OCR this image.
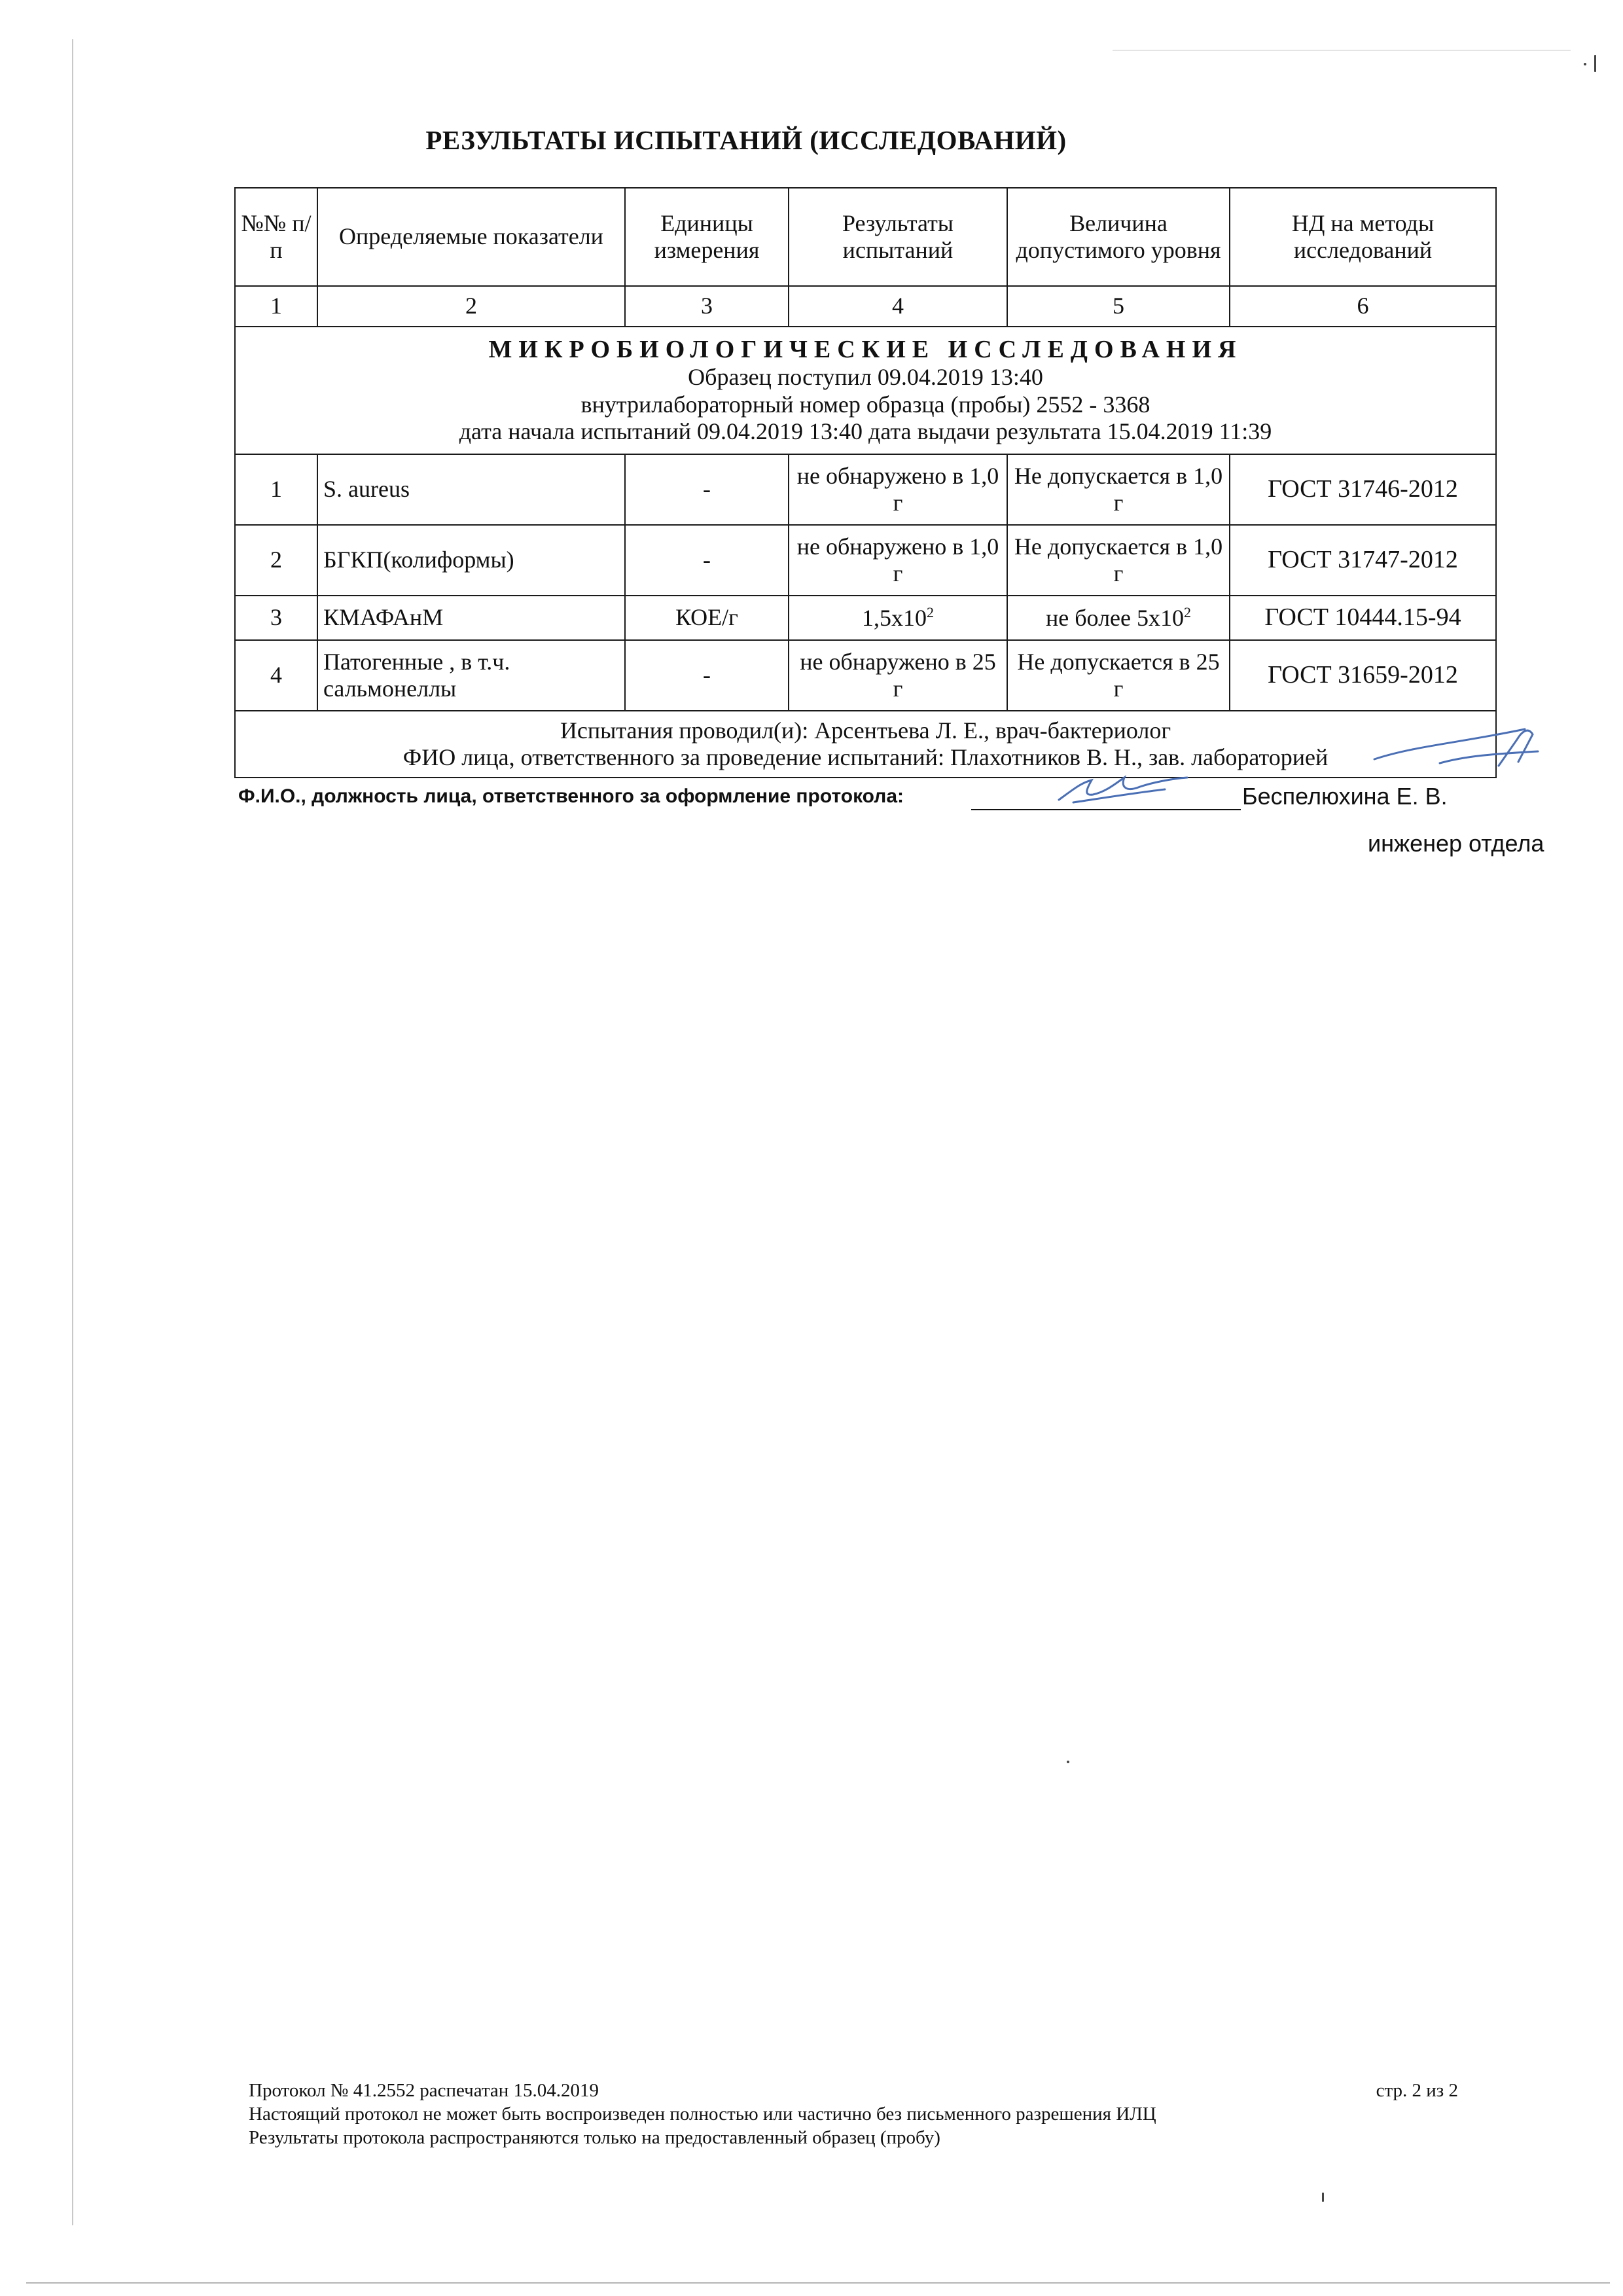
РЕЗУЛЬТАТЫ ИСПЫТАНИЙ (ИССЛЕДОВАНИЙ)
№№ п/п	Определяемые показатели	Единицы измерения	Результаты испытаний	Величина допустимого уровня	НД на методы исследований
1	2	3	4	5	6

МИКРОБИОЛОГИЧЕСКИЕ ИССЛЕДОВАНИЯ
Образец поступил 09.04.2019 13:40
внутрилабораторный номер образца (пробы) 2552 - 3368
дата начала испытаний 09.04.2019 13:40 дата выдачи результата 15.04.2019 11:39					

1	S. aureus	-	не обнаружено в 1,0 г	Не допускается в 1,0 г	ГОСТ 31746-2012
2	БГКП(колиформы)	-	не обнаружено в 1,0 г	Не допускается в 1,0 г	ГОСТ 31747-2012
3	КМАФАнМ	КОЕ/г	$1,5x10^2$	не более $5x10^2$	ГОСТ 10444.15-94
4	Патогенные , в т.ч. сальмонеллы	-	не обнаружено в 25 г	Не допускается в 25 г	ГОСТ 31659-2012

Испытания проводил(и): Арсентьева Л. Е., врач-бактериолог
ФИО лица, ответственного за проведение испытаний: Плахотников В. Н., зав. лабораторией					
Ф.И.О., должность лица, ответственного за оформление протокола:	Беспелюхина Е. В.
инженер отдела
Протокол № 41.2552 распечатан 15.04.2019	стр. 2 из 2
Настоящий протокол не может быть воспроизведен полностью или частично без письменного разрешения ИЛЦ
Результаты протокола распространяются только на предоставленный образец (пробу)
